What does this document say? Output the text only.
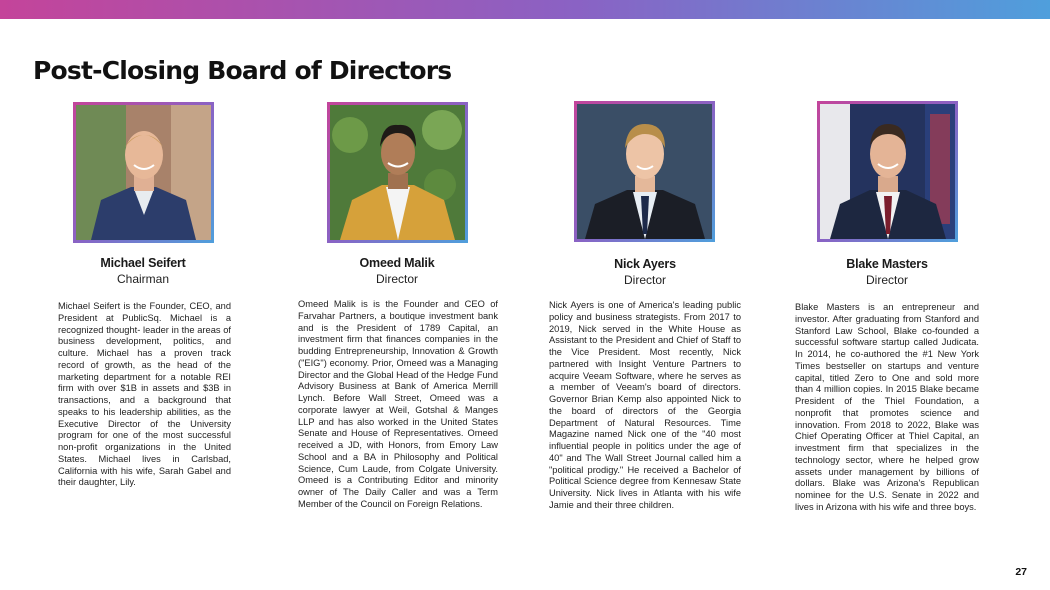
Post-Closing Board of Directors
Michael Seifert
Chairman
Michael Seifert is the Founder, CEO, and President at PublicSq. Michael is a recognized thought- leader in the areas of business development, politics, and culture. Michael has a proven track record of growth, as the head of the marketing department for a notable REI firm with over $1B in assets and $3B in transactions, and a background that speaks to his leadership abilities, as the Executive Director of the University program for one of the most successful non-profit organizations in the United States. Michael lives in Carlsbad, California with his wife, Sarah Gabel and their daughter, Lily.
Omeed Malik
Director
Omeed Malik is is the Founder and CEO of Farvahar Partners, a boutique investment bank and is the President of 1789 Capital, an investment firm that finances companies in the budding Entrepreneurship, Innovation & Growth ("EIG") economy. Prior, Omeed was a Managing Director and the Global Head of the Hedge Fund Advisory Business at Bank of America Merrill Lynch. Before Wall Street, Omeed was a corporate lawyer at Weil, Gotshal & Manges LLP and has also worked in the United States Senate and House of Representatives. Omeed received a JD, with Honors, from Emory Law School and a BA in Philosophy and Political Science, Cum Laude, from Colgate University. Omeed is a Contributing Editor and minority owner of The Daily Caller and was a Term Member of the Council on Foreign Relations.
Nick Ayers
Director
Nick Ayers is one of America's leading public policy and business strategists. From 2017 to 2019, Nick served in the White House as Assistant to the President and Chief of Staff to the Vice President. Most recently, Nick partnered with Insight Venture Partners to acquire Veeam Software, where he serves as a member of Veeam's board of directors. Governor Brian Kemp also appointed Nick to the board of directors of the Georgia Department of Natural Resources. Time Magazine named Nick one of the "40 most influential people in politics under the age of 40" and The Wall Street Journal called him a "political prodigy." He received a Bachelor of Political Science degree from Kennesaw State University. Nick lives in Atlanta with his wife Jamie and their three children.
Blake Masters
Director
Blake Masters is an entrepreneur and investor. After graduating from Stanford and Stanford Law School, Blake co-founded a successful software startup called Judicata. In 2014, he co-authored the #1 New York Times bestseller on startups and venture capital, titled Zero to One and sold more than 4 million copies. In 2015 Blake became President of the Thiel Foundation, a nonprofit that promotes science and innovation. From 2018 to 2022, Blake was Chief Operating Officer at Thiel Capital, an investment firm that specializes in the technology sector, where he helped grow assets under management by billions of dollars. Blake was Arizona's Republican nominee for the U.S. Senate in 2022 and lives in Arizona with his wife and three boys.
27
